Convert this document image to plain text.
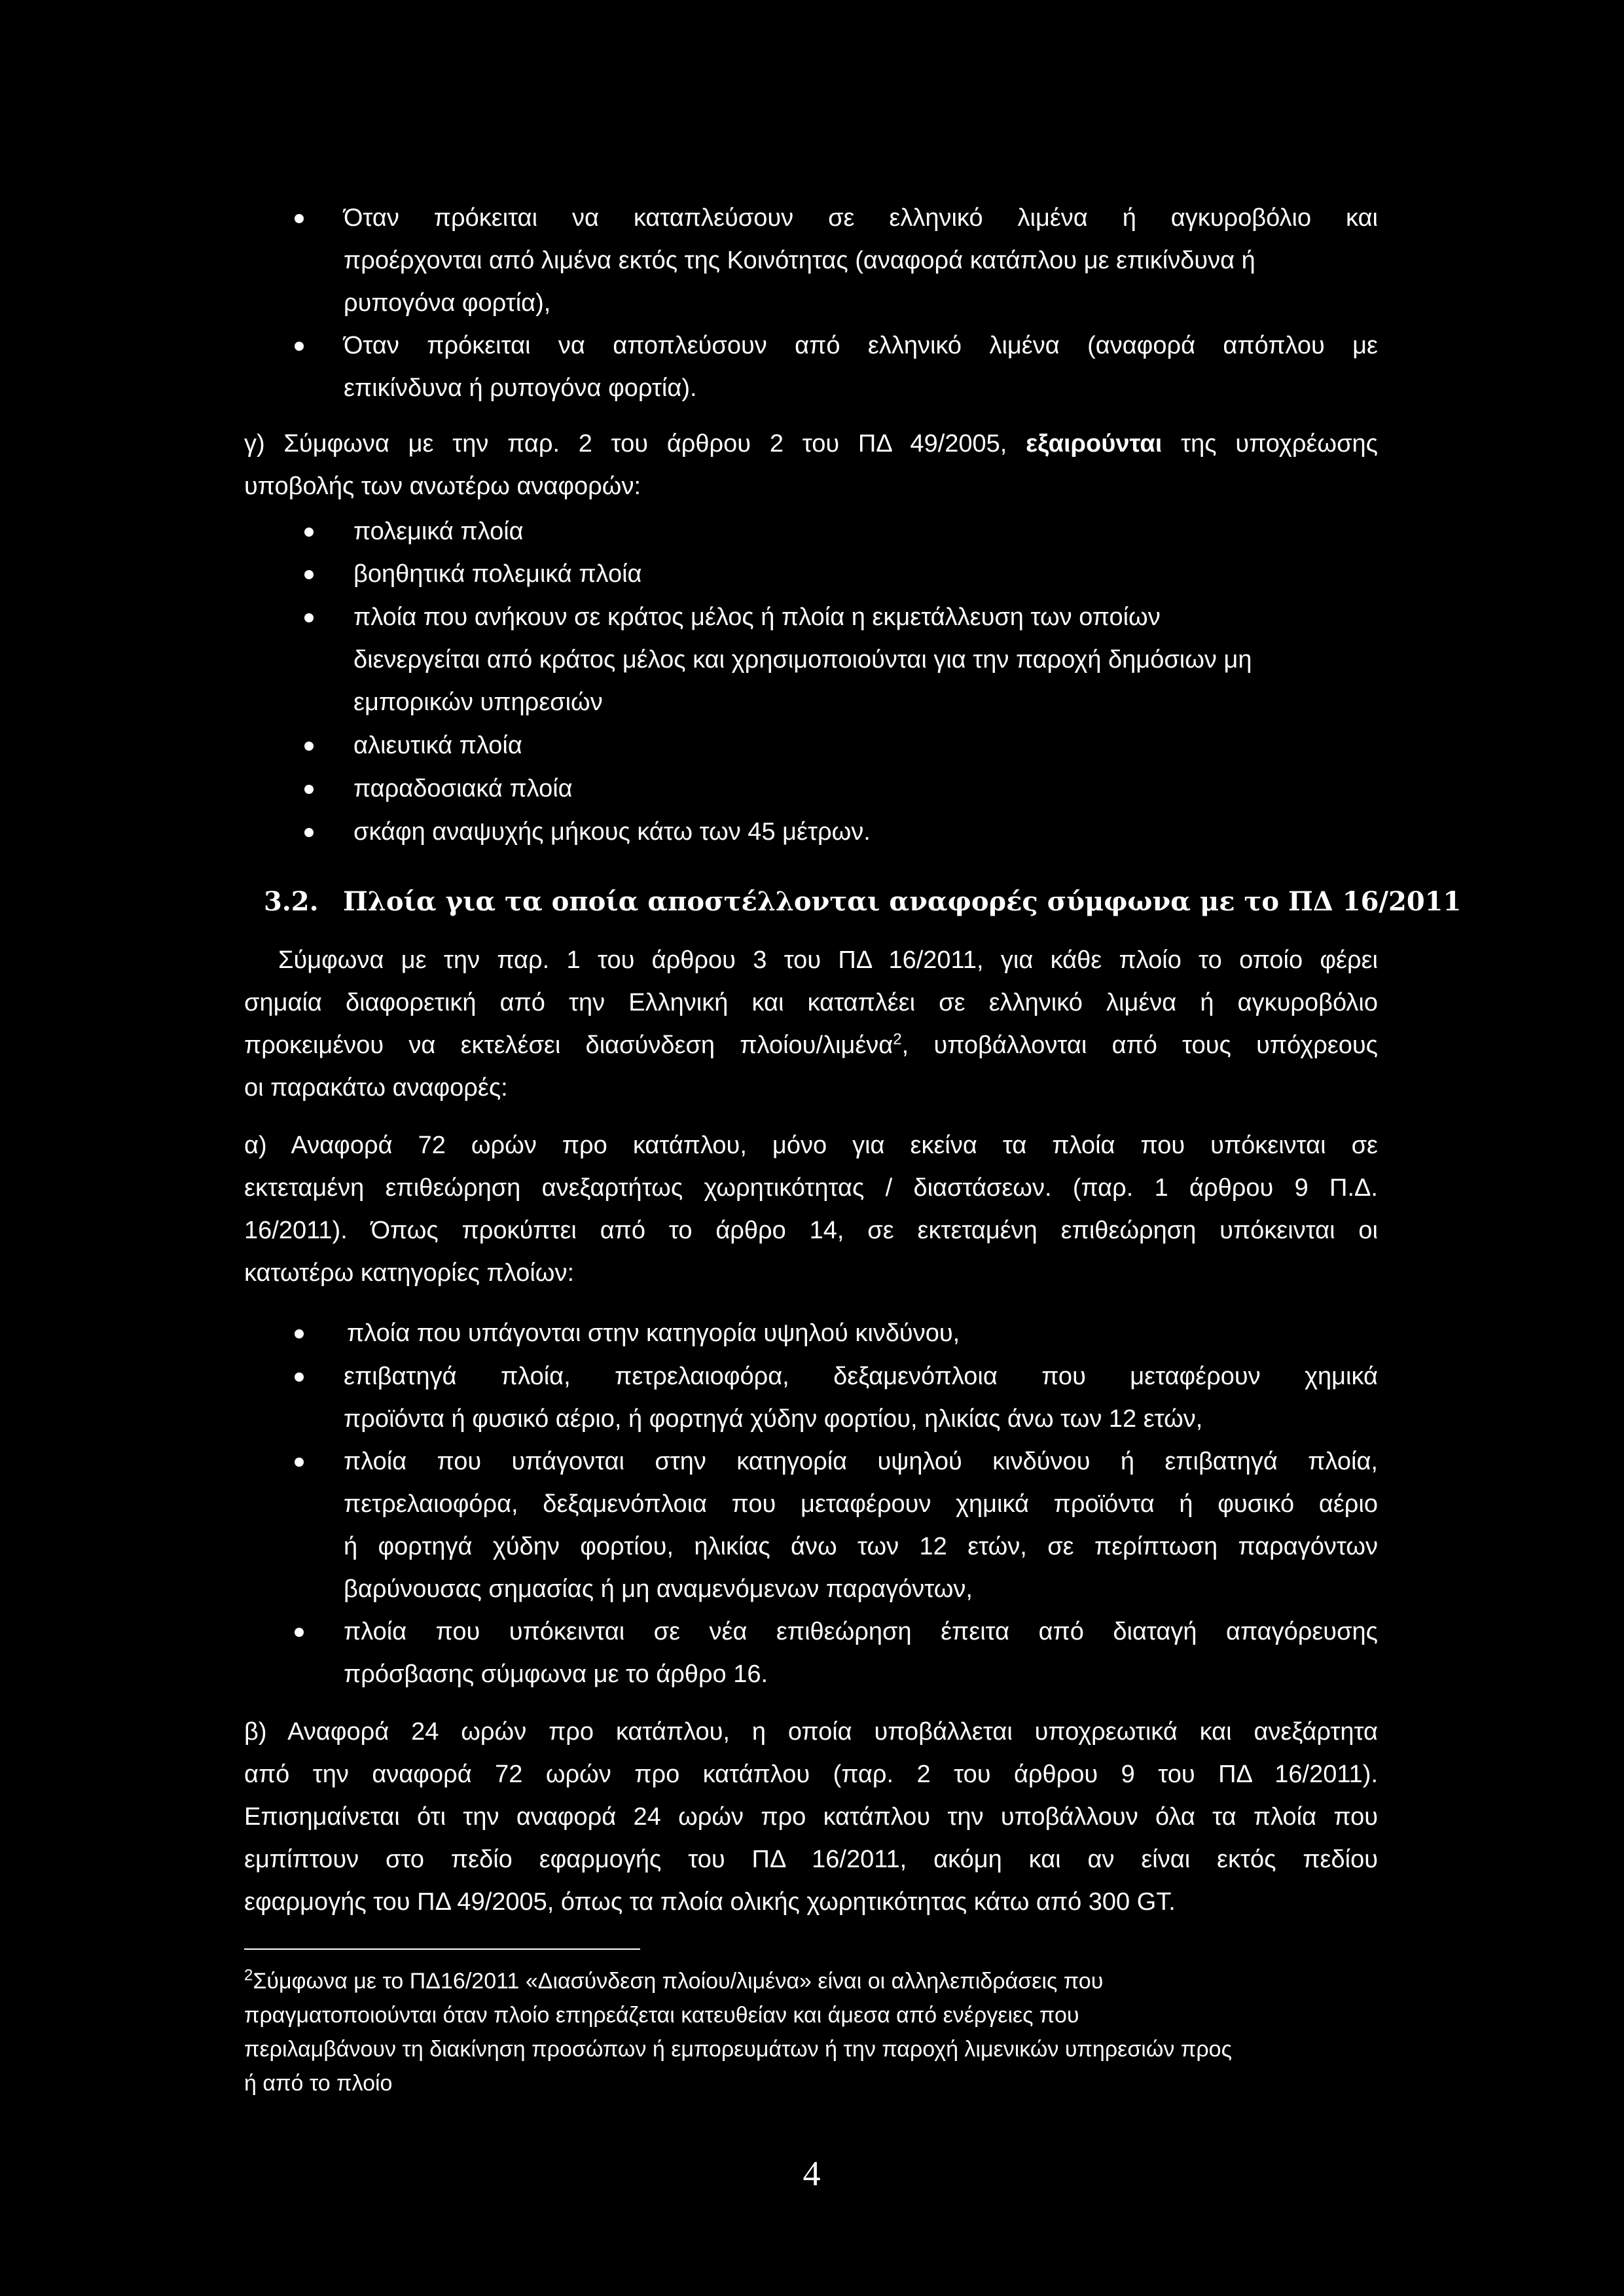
Όταν πρόκειται να καταπλεύσουν σε ελληνικό λιμένα ή αγκυροβόλιο και
προέρχονται από λιμένα εκτός της Κοινότητας (αναφορά κατάπλου με επικίνδυνα ή
ρυπογόνα φορτία),
Όταν πρόκειται να αποπλεύσουν από ελληνικό λιμένα (αναφορά απόπλου με
επικίνδυνα ή ρυπογόνα φορτία).
γ) Σύμφωνα με την παρ. 2 του άρθρου 2 του ΠΔ 49/2005, εξαιρούνται της υποχρέωσης
υποβολής των ανωτέρω αναφορών:
πολεμικά πλοία
βοηθητικά πολεμικά πλοία
πλοία που ανήκουν σε κράτος μέλος ή πλοία η εκμετάλλευση των οποίων
διενεργείται από κράτος μέλος και χρησιμοποιούνται για την παροχή δημόσιων μη
εμπορικών υπηρεσιών
αλιευτικά πλοία
παραδοσιακά πλοία
σκάφη αναψυχής μήκους κάτω των 45 μέτρων.
3.2. Πλοία για τα οποία αποστέλλονται αναφορές σύμφωνα με το ΠΔ 16/2011
Σύμφωνα με την παρ. 1 του άρθρου 3 του ΠΔ 16/2011, για κάθε πλοίο το οποίο φέρει
σημαία διαφορετική από την Ελληνική και καταπλέει σε ελληνικό λιμένα ή αγκυροβόλιο
προκειμένου να εκτελέσει διασύνδεση πλοίου/λιμένα$^2$, υποβάλλονται από τους υπόχρεους
οι παρακάτω αναφορές:
α) Αναφορά 72 ωρών προ κατάπλου, μόνο για εκείνα τα πλοία που υπόκεινται σε
εκτεταμένη επιθεώρηση ανεξαρτήτως χωρητικότητας / διαστάσεων. (παρ. 1 άρθρου 9 Π.Δ.
16/2011). Όπως προκύπτει από το άρθρο 14, σε εκτεταμένη επιθεώρηση υπόκεινται οι
κατωτέρω κατηγορίες πλοίων:
πλοία που υπάγονται στην κατηγορία υψηλού κινδύνου,
επιβατηγά πλοία, πετρελαιοφόρα, δεξαμενόπλοια που μεταφέρουν χημικά
προϊόντα ή φυσικό αέριο, ή φορτηγά χύδην φορτίου, ηλικίας άνω των 12 ετών,
πλοία που υπάγονται στην κατηγορία υψηλού κινδύνου ή επιβατηγά πλοία,
πετρελαιοφόρα, δεξαμενόπλοια που μεταφέρουν χημικά προϊόντα ή φυσικό αέριο
ή φορτηγά χύδην φορτίου, ηλικίας άνω των 12 ετών, σε περίπτωση παραγόντων
βαρύνουσας σημασίας ή μη αναμενόμενων παραγόντων,
πλοία που υπόκεινται σε νέα επιθεώρηση έπειτα από διαταγή απαγόρευσης
πρόσβασης σύμφωνα με το άρθρο 16.
β) Αναφορά 24 ωρών προ κατάπλου, η οποία υποβάλλεται υποχρεωτικά και ανεξάρτητα
από την αναφορά 72 ωρών προ κατάπλου (παρ. 2 του άρθρου 9 του ΠΔ 16/2011).
Επισημαίνεται ότι την αναφορά 24 ωρών προ κατάπλου την υποβάλλουν όλα τα πλοία που
εμπίπτουν στο πεδίο εφαρμογής του ΠΔ 16/2011, ακόμη και αν είναι εκτός πεδίου
εφαρμογής του ΠΔ 49/2005, όπως τα πλοία ολικής χωρητικότητας κάτω από 300 GT.
$^2$Σύμφωνα με το ΠΔ16/2011 «Διασύνδεση πλοίου/λιμένα» είναι οι αλληλεπιδράσεις που
πραγματοποιούνται όταν πλοίο επηρεάζεται κατευθείαν και άμεσα από ενέργειες που
περιλαμβάνουν τη διακίνηση προσώπων ή εμπορευμάτων ή την παροχή λιμενικών υπηρεσιών προς
ή από το πλοίο
4
